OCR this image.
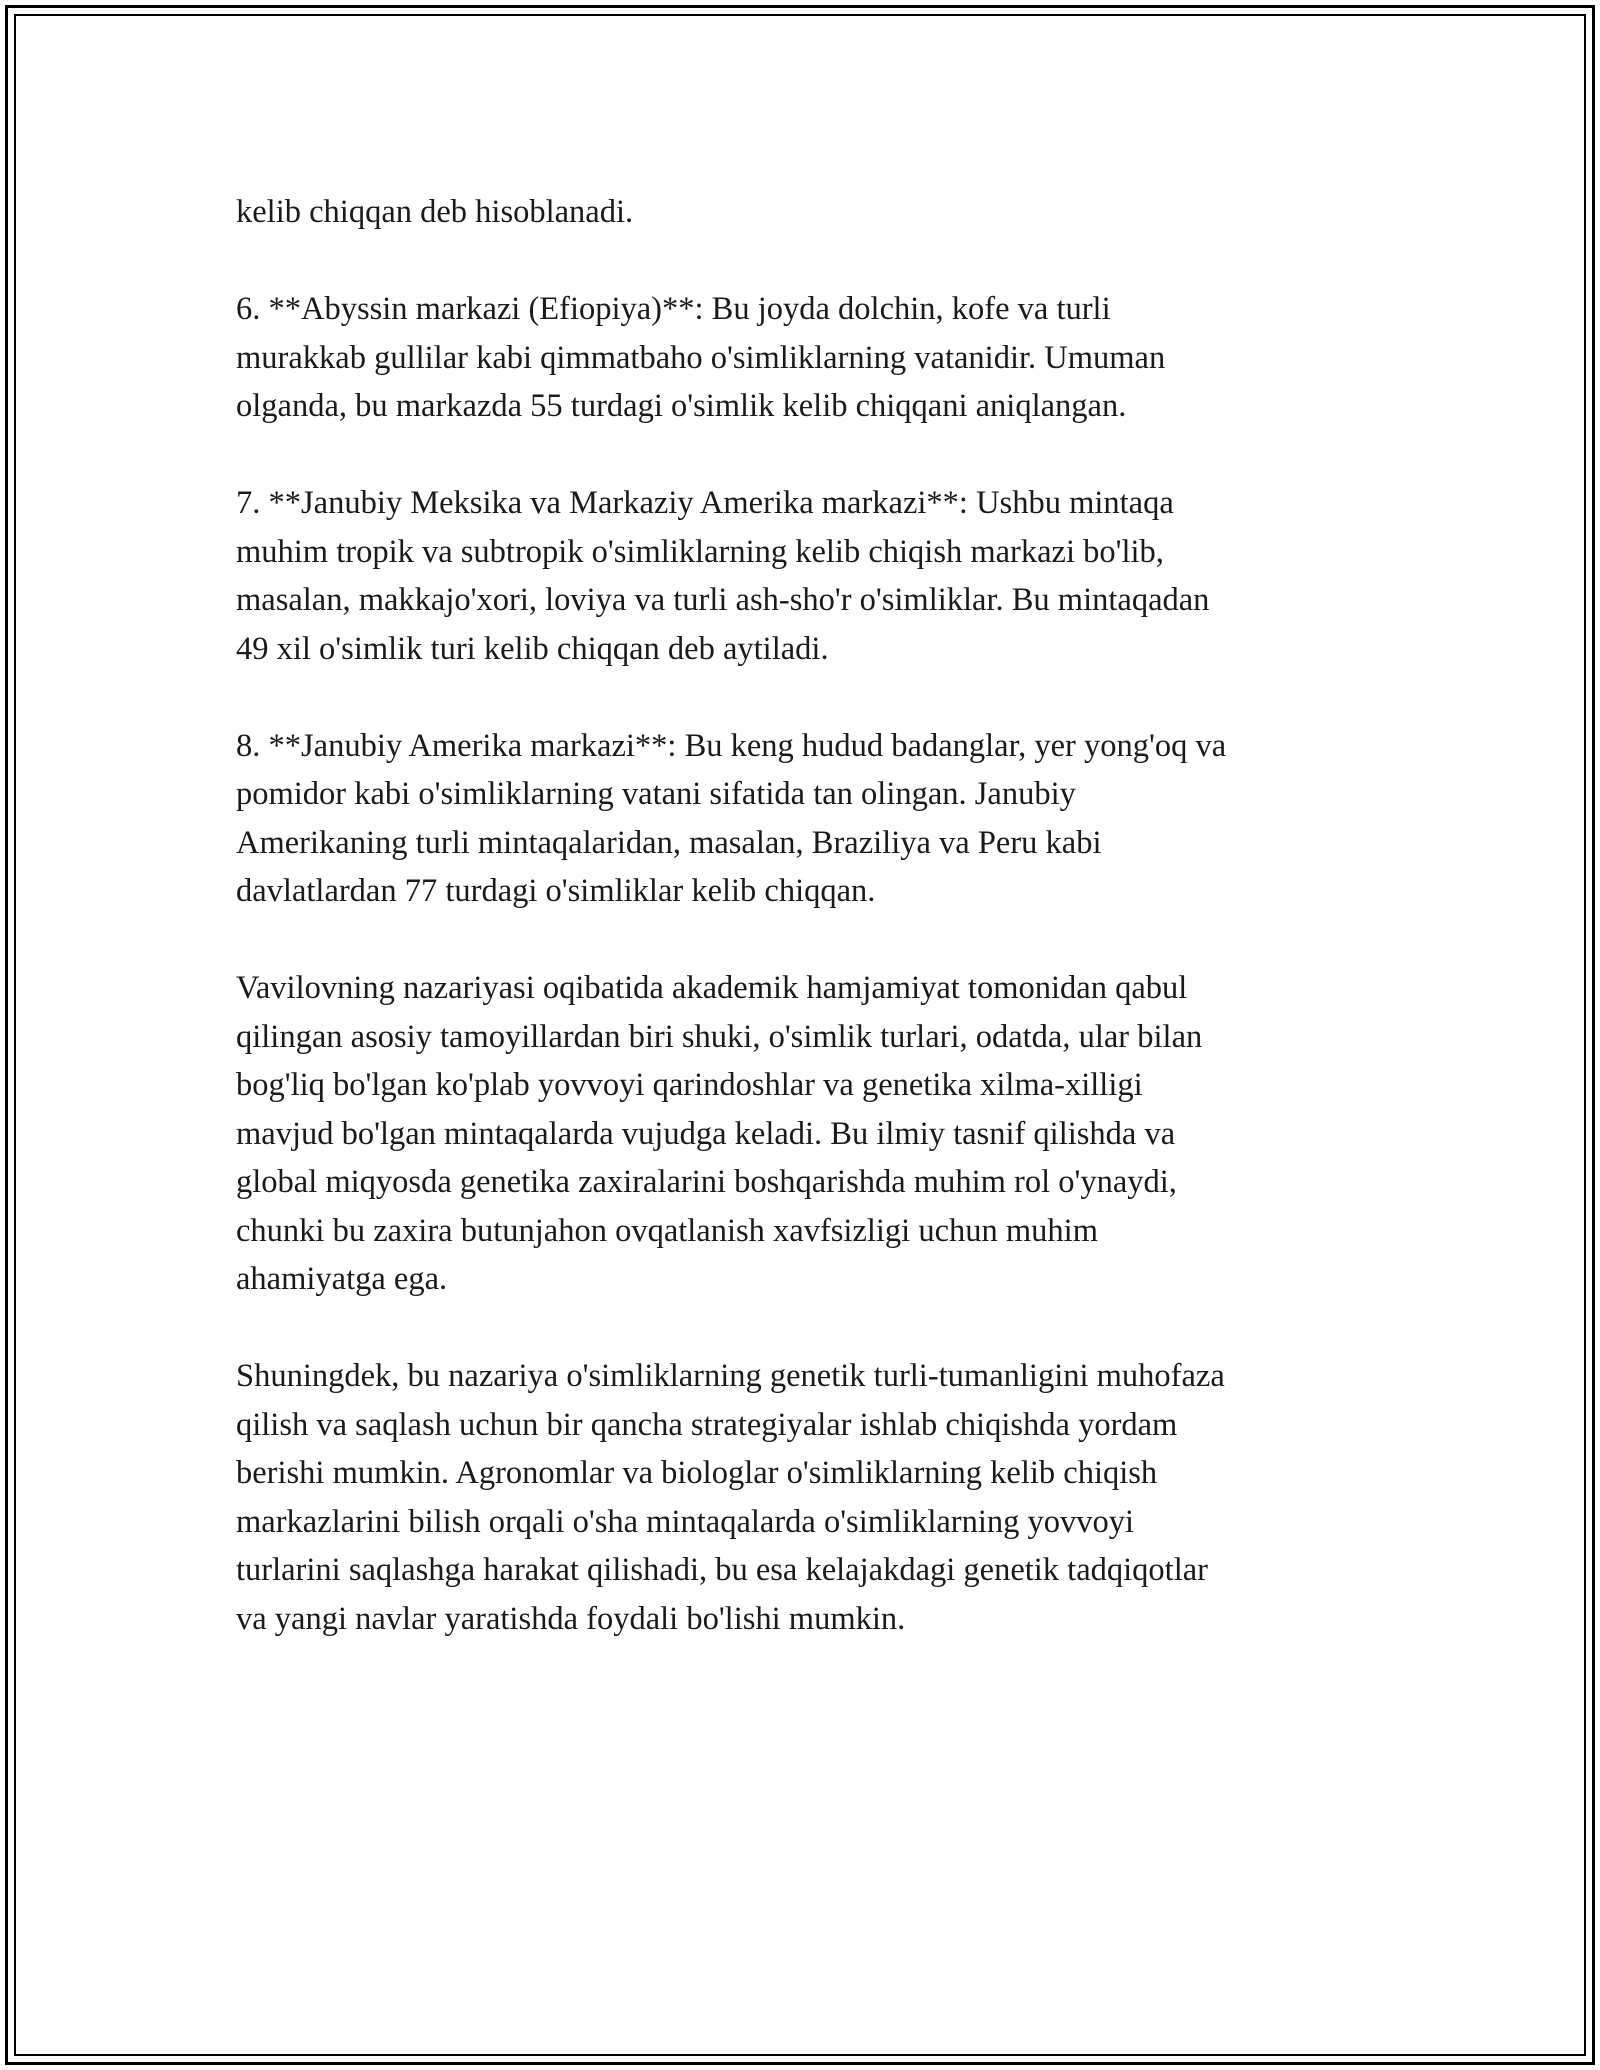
kelib chiqqan deb hisoblanadi.

6. **Abyssin markazi (Efiopiya)**: Bu joyda dolchin, kofe va turli
murakkab gullilar kabi qimmatbaho o'simliklarning vatanidir. Umuman
olganda, bu markazda 55 turdagi o'simlik kelib chiqqani aniqlangan.

7. **Janubiy Meksika va Markaziy Amerika markazi**: Ushbu mintaqa
muhim tropik va subtropik o'simliklarning kelib chiqish markazi bo'lib,
masalan, makkajo'xori, loviya va turli ash-sho'r o'simliklar. Bu mintaqadan
49 xil o'simlik turi kelib chiqqan deb aytiladi.

8. **Janubiy Amerika markazi**: Bu keng hudud badanglar, yer yong'oq va
pomidor kabi o'simliklarning vatani sifatida tan olingan. Janubiy
Amerikaning turli mintaqalaridan, masalan, Braziliya va Peru kabi
davlatlardan 77 turdagi o'simliklar kelib chiqqan.

Vavilovning nazariyasi oqibatida akademik hamjamiyat tomonidan qabul
qilingan asosiy tamoyillardan biri shuki, o'simlik turlari, odatda, ular bilan
bog'liq bo'lgan ko'plab yovvoyi qarindoshlar va genetika xilma-xilligi
mavjud bo'lgan mintaqalarda vujudga keladi. Bu ilmiy tasnif qilishda va
global miqyosda genetika zaxiralarini boshqarishda muhim rol o'ynaydi,
chunki bu zaxira butunjahon ovqatlanish xavfsizligi uchun muhim
ahamiyatga ega.

Shuningdek, bu nazariya o'simliklarning genetik turli-tumanligini muhofaza
qilish va saqlash uchun bir qancha strategiyalar ishlab chiqishda yordam
berishi mumkin. Agronomlar va biologlar o'simliklarning kelib chiqish
markazlarini bilish orqali o'sha mintaqalarda o'simliklarning yovvoyi
turlarini saqlashga harakat qilishadi, bu esa kelajakdagi genetik tadqiqotlar
va yangi navlar yaratishda foydali bo'lishi mumkin.
